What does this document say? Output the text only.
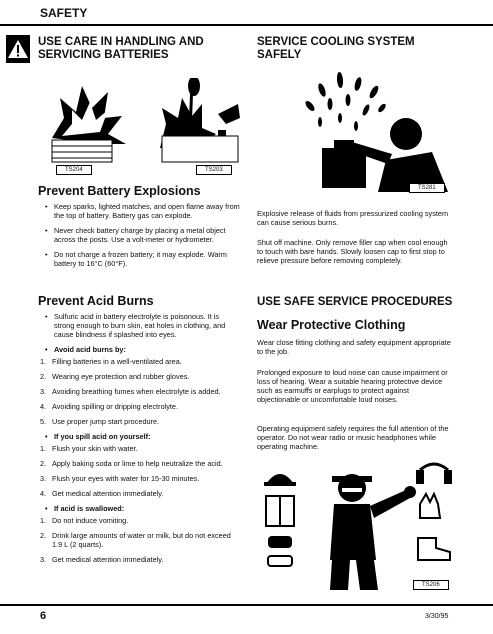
SAFETY
USE CARE IN HANDLING AND SERVICING BATTERIES
TS204	TS203
Prevent Battery Explosions
• Keep sparks, lighted matches, and open flame away from the top of battery. Battery gas can explode.
• Never check battery charge by placing a metal object across the posts. Use a volt-meter or hydrometer.
• Do not charge a frozen battery; it may explode. Warm battery to 16°C (60°F).
Prevent Acid Burns
• Sulfuric acid in battery electrolyte is poisonous. It is strong enough to burn skin, eat holes in clothing, and cause blindness if splashed into eyes.
• Avoid acid burns by:
1. Filling batteries in a well-ventilated area.
2. Wearing eye protection and rubber gloves.
3. Avoiding breathing fumes when electrolyte is added.
4. Avoiding spilling or dripping electrolyte.
5. Use proper jump start procedure.
• If you spill acid on yourself:
1. Flush your skin with water.
2. Apply baking soda or lime to help neutralize the acid.
3. Flush your eyes with water for 15-30 minutes.
4. Get medical attention immediately.
• If acid is swallowed:
1. Do not induce vomiting.
2. Drink large amounts of water or milk, but do not exceed 1.9 L (2 quarts).
3. Get medical attention immediately.
SERVICE COOLING SYSTEM SAFELY
TS281
Explosive release of fluids from pressurized cooling system can cause serious burns.
Shut off machine. Only remove filler cap when cool enough to touch with bare hands. Slowly loosen cap to first stop to relieve pressure before removing completely.
USE SAFE SERVICE PROCEDURES
Wear Protective Clothing
Wear close fitting clothing and safety equipment appropriate to the job.
Prolonged exposure to loud noise can cause impairment or loss of hearing. Wear a suitable hearing protective device such as earmuffs or earplugs to protect against objectionable or uncomfortable loud noises.
Operating equipment safely requires the full attention of the operator. Do not wear radio or music headphones while operating machine.
TS206
6	3/30/95
